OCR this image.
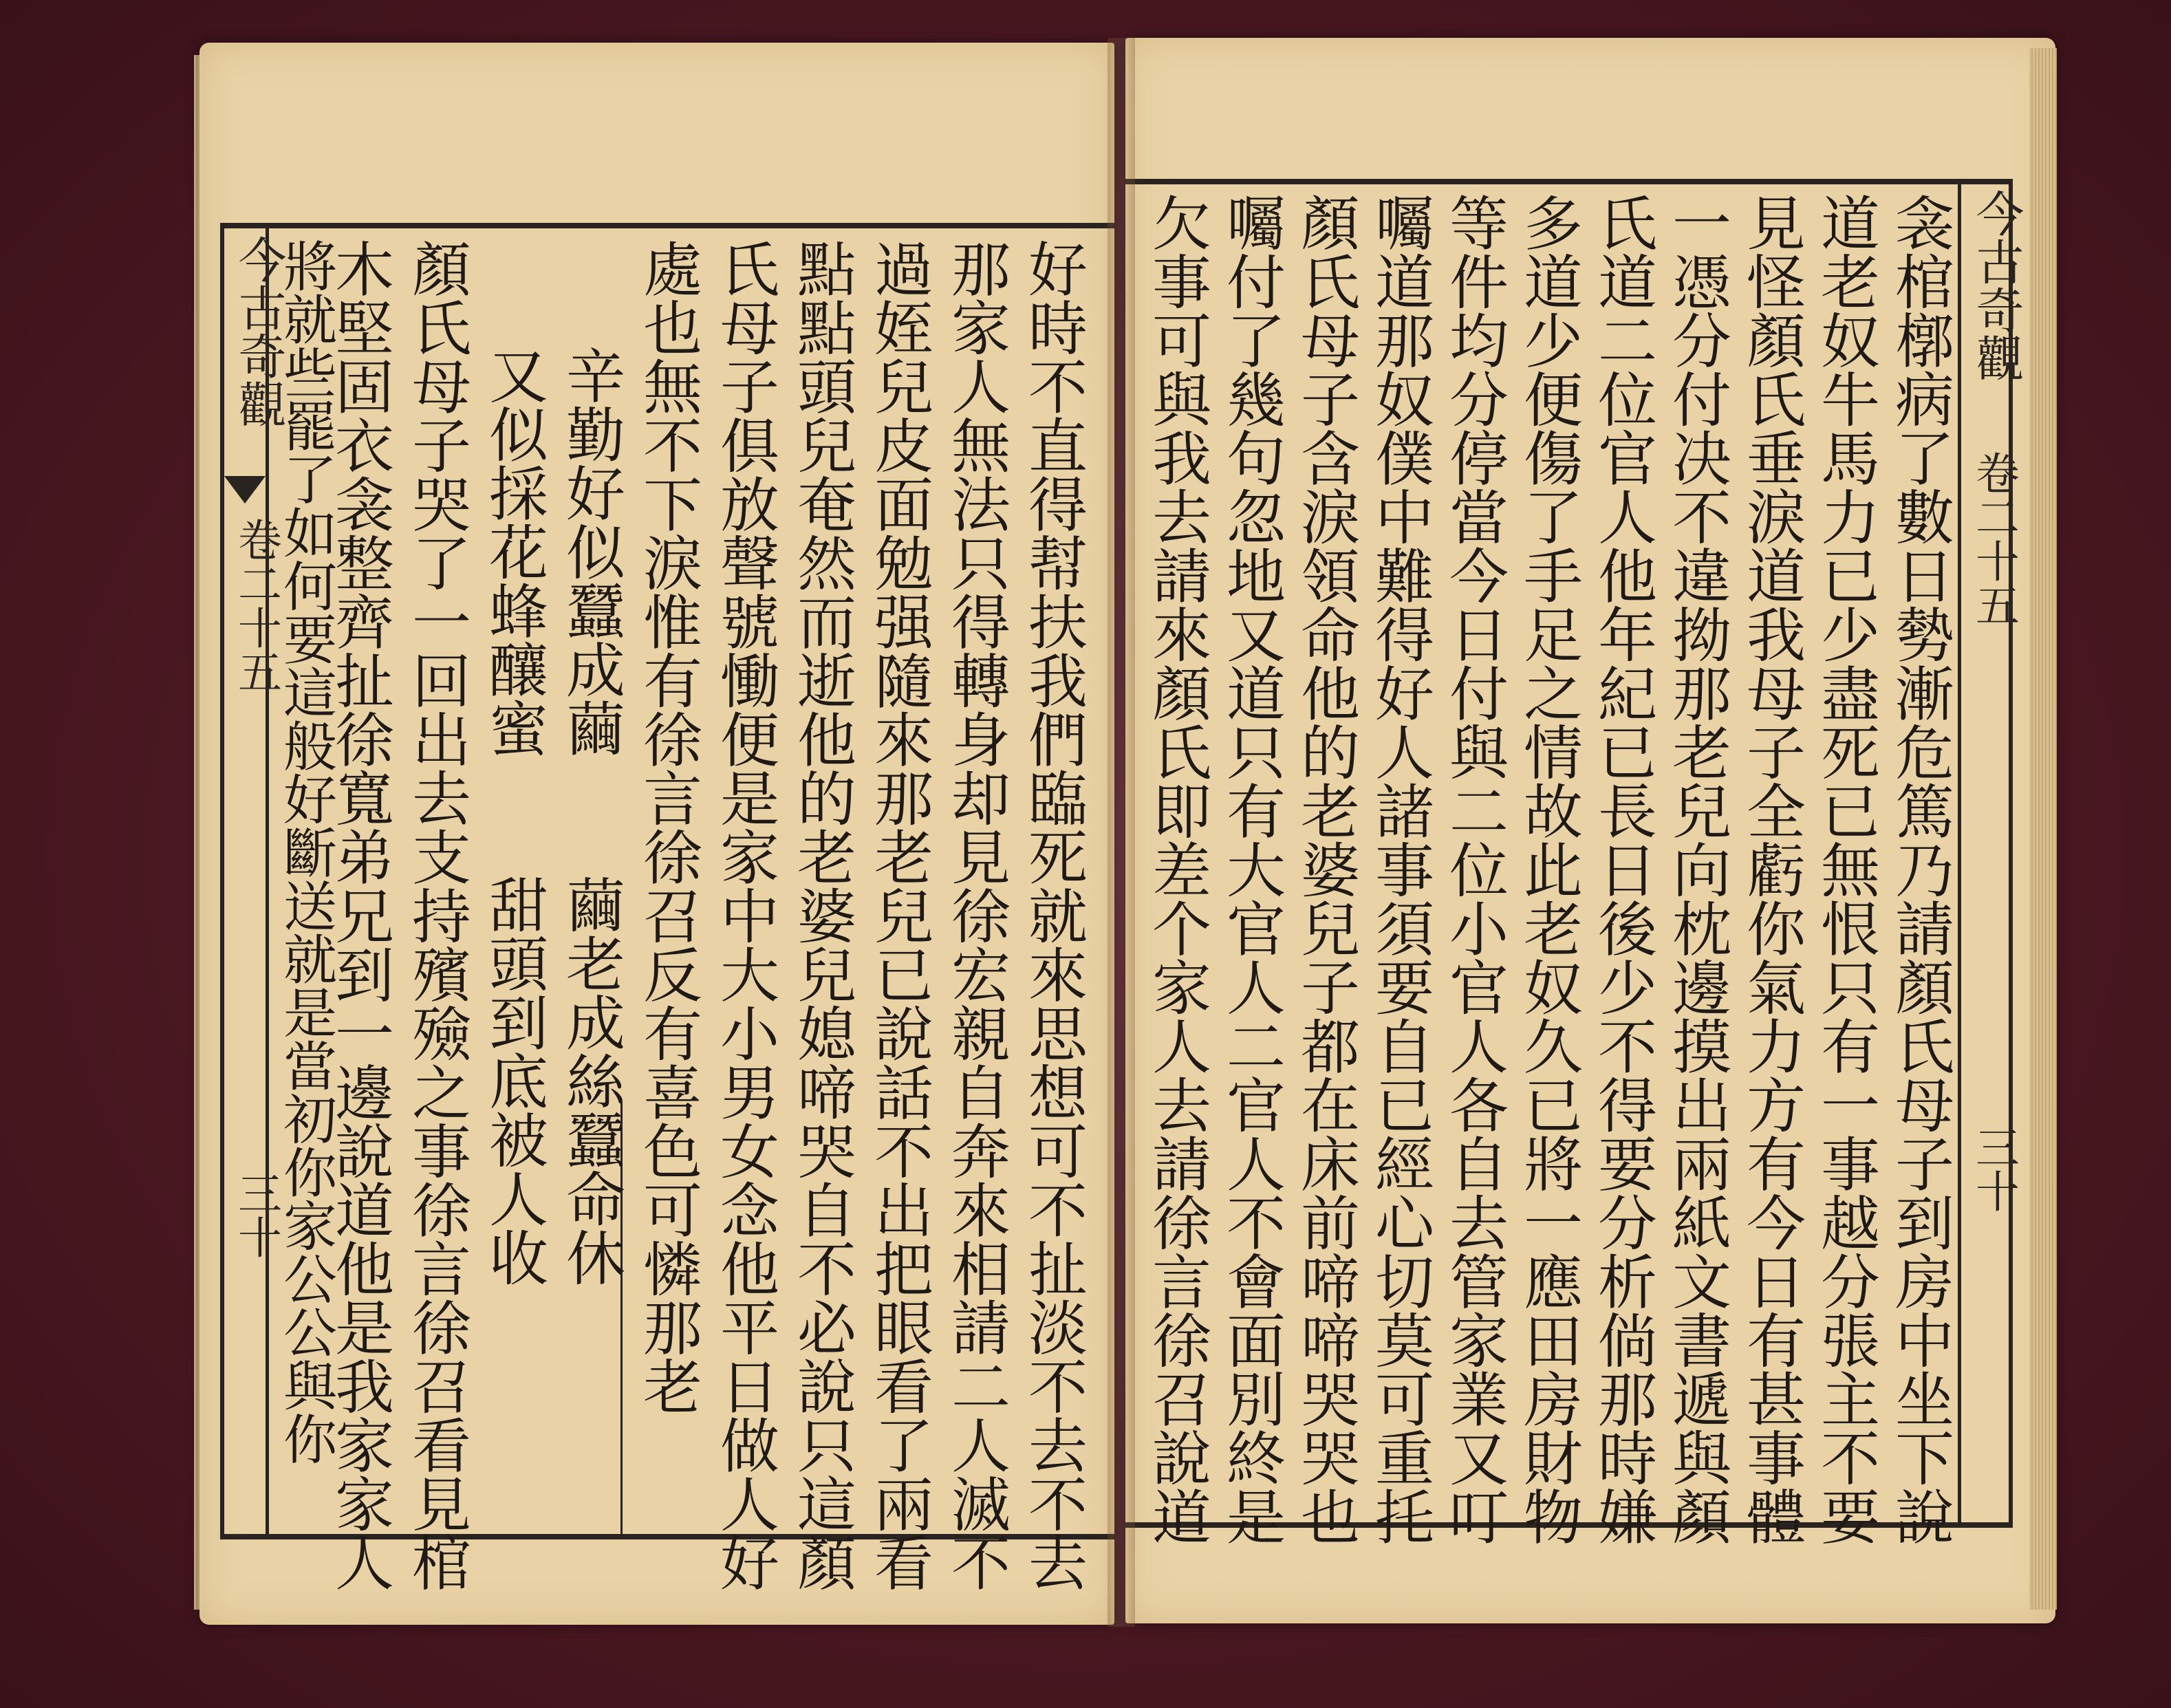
今古奇觀
卷二十五
三十	好時不直得幇扶我們臨死就來思想可不扯淡不去不去
那家人無法只得轉身却見徐宏親自奔來相請二人滅不
過姪兒皮面勉强隨來那老兒已說話不出把眼看了兩看
點點頭兒奄然而逝他的老婆兒媳啼哭自不必說只這顏
氏母子俱放聲號慟便是家中大小男女念他平日做人好
處也無不下淚惟有徐言徐召反有喜色可憐那老
辛勤好似蠶成繭　　繭老成絲蠶命休
又似採花蜂釀蜜　　甜頭到底被人收
顏氏母子哭了一回出去支持殯殮之事徐言徐召看見棺
木堅固衣衾整齊扯徐寬弟兄到一邊說道他是我家家人
將就些罷了如何要這般好斷送就是當初你家公公與你	今古奇觀
卷二十五
三十
衾棺槨病了數日勢漸危篤乃請顏氏母子到房中坐下說
道老奴牛馬力已少盡死已無恨只有一事越分張主不要
見怪顏氏垂淚道我母子全虧你氣力方有今日有甚事體
一憑分付决不違拗那老兒向枕邊摸出兩紙文書遞與顏
氏道二位官人他年紀已長日後少不得要分析倘那時嫌
多道少便傷了手足之情故此老奴久已將一應田房財物
等件均分停當今日付與二位小官人各自去管家業又叮
囑道那奴僕中難得好人諸事須要自已經心切莫可重托
顏氏母子含淚領命他的老婆兒子都在床前啼啼哭哭也
囑付了幾句忽地又道只有大官人二官人不會面別終是
欠事可與我去請來顏氏即差个家人去請徐言徐召說道
